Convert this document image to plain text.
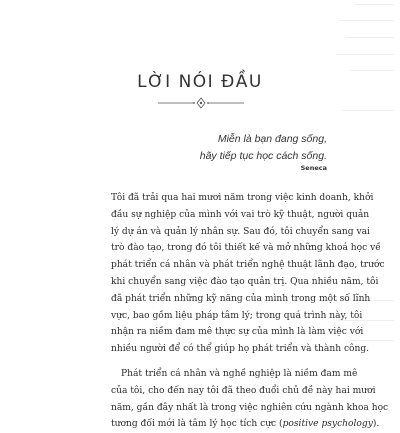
LỜI NÓI ĐẦU
Miễn là bạn đang sống,
hãy tiếp tục học cách sống.
Seneca
Tôi đã trải qua hai mươi năm trong việc kinh doanh, khởi
đầu sự nghiệp của mình với vai trò kỹ thuật, người quản
lý dự án và quản lý nhân sự. Sau đó, tôi chuyển sang vai
trò đào tạo, trong đó tôi thiết kế và mở những khoá học về
phát triển cá nhân và phát triển nghệ thuật lãnh đạo, trước
khi chuyển sang việc đào tạo quản trị. Qua nhiều năm, tôi
đã phát triển những kỹ năng của mình trong một số lĩnh
vực, bao gồm liệu pháp tâm lý; trong quá trình này, tôi
nhận ra niềm đam mê thực sự của mình là làm việc với
nhiều người để có thể giúp họ phát triển và thành công.
Phát triển cá nhân và nghề nghiệp là niềm đam mê
của tôi, cho đến nay tôi đã theo đuổi chủ đề này hai mươi
năm, gần đây nhất là trong việc nghiên cứu ngành khoa học
tương đối mới là tâm lý học tích cực (positive psychology).
